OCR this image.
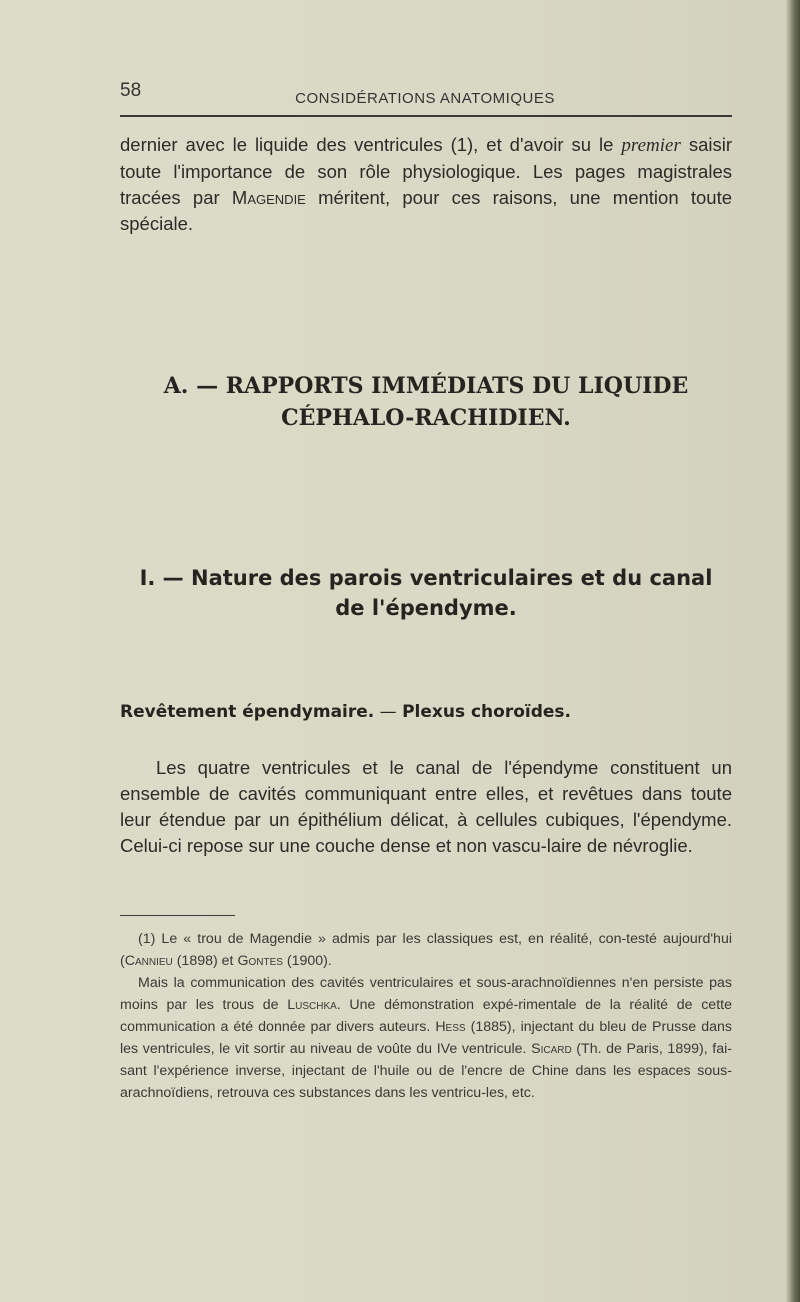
58	CONSIDÉRATIONS ANATOMIQUES
dernier avec le liquide des ventricules (1), et d'avoir su le premier saisir toute l'importance de son rôle physiologique. Les pages magistrales tracées par Magendie méritent, pour ces raisons, une mention toute spéciale.
A. — RAPPORTS IMMÉDIATS DU LIQUIDE
CÉPHALO-RACHIDIEN.
I. — Nature des parois ventriculaires et du canal
de l'épendyme.
Revêtement épendymaire. — Plexus choroïdes.
Les quatre ventricules et le canal de l'épendyme constituent un ensemble de cavités communiquant entre elles, et revêtues dans toute leur étendue par un épithélium délicat, à cellules cubiques, l'épendyme. Celui-ci repose sur une couche dense et non vascu-laire de névroglie.

(1) Le « trou de Magendie » admis par les classiques est, en réalité, con-testé aujourd'hui (Cannieu (1898) et Gontes (1900).

Mais la communication des cavités ventriculaires et sous-arachnoïdiennes n'en persiste pas moins par les trous de Luschka. Une démonstration expé-rimentale de la réalité de cette communication a été donnée par divers auteurs. Hess (1885), injectant du bleu de Prusse dans les ventricules, le vit sortir au niveau de voûte du IVe ventricule. Sicard (Th. de Paris, 1899), fai-sant l'expérience inverse, injectant de l'huile ou de l'encre de Chine dans les espaces sous-arachnoïdiens, retrouva ces substances dans les ventricu-les, etc.
